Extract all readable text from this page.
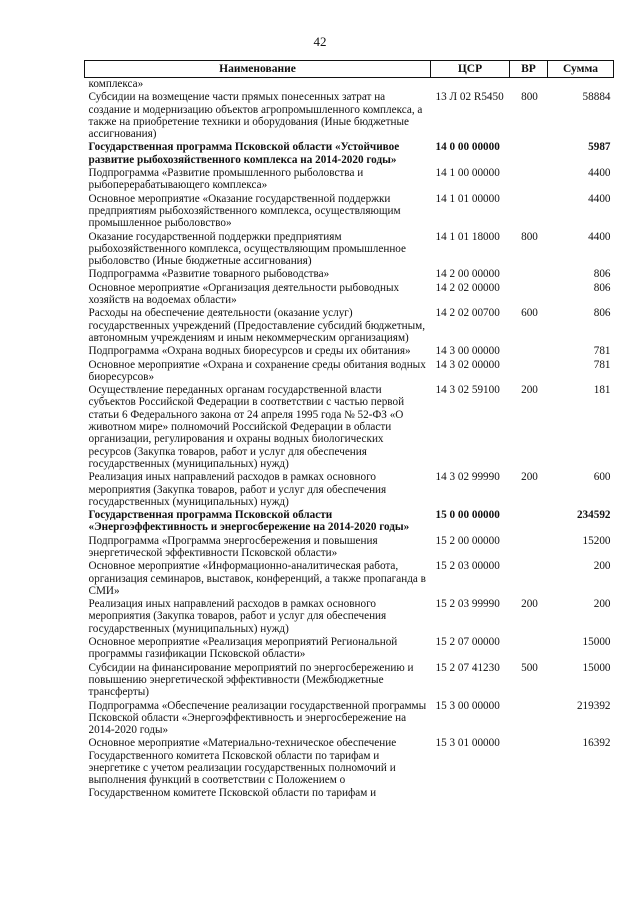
42
Наименование	ЦСР	ВР	Сумма
комплекса»			
Субсидии на возмещение части прямых понесенных затрат на создание и модернизацию объектов агропромышленного комплекса, а также на приобретение техники и оборудования (Иные бюджетные ассигнования)	13 Л 02 R5450	800	58884
Государственная программа Псковской области «Устойчивое развитие рыбохозяйственного комплекса на 2014-2020 годы»	14 0 00 00000		5987
Подпрограмма «Развитие промышленного рыболовства и рыбоперерабатывающего комплекса»	14 1 00 00000		4400
Основное мероприятие «Оказание государственной поддержки предприятиям рыбохозяйственного комплекса, осуществляющим промышленное рыболовство»	14 1 01 00000		4400
Оказание государственной поддержки предприятиям рыбохозяйственного комплекса, осуществляющим промышленное рыболовство (Иные бюджетные ассигнования)	14 1 01 18000	800	4400
Подпрограмма «Развитие товарного рыбоводства»	14 2 00 00000		806
Основное мероприятие «Организация деятельности рыбоводных хозяйств на водоемах области»	14 2 02 00000		806
Расходы на обеспечение деятельности (оказание услуг) государственных учреждений (Предоставление субсидий бюджетным, автономным учреждениям и иным некоммерческим организациям)	14 2 02 00700	600	806
Подпрограмма «Охрана водных биоресурсов и среды их обитания»	14 3 00 00000		781
Основное мероприятие «Охрана и сохранение среды обитания водных биоресурсов»	14 3 02 00000		781
Осуществление переданных органам государственной власти субъектов Российской Федерации в соответствии с частью первой статьи 6 Федерального закона от 24 апреля 1995 года № 52-ФЗ «О животном мире» полномочий Российской Федерации в области организации, регулирования и охраны водных биологических ресурсов (Закупка товаров, работ и услуг для обеспечения государственных (муниципальных) нужд)	14 3 02 59100	200	181
Реализация иных направлений расходов в рамках основного мероприятия (Закупка товаров, работ и услуг для обеспечения государственных (муниципальных) нужд)	14 3 02 99990	200	600
Государственная программа Псковской области «Энергоэффективность и энергосбережение на 2014-2020 годы»	15 0 00 00000		234592
Подпрограмма «Программа энергосбережения и повышения энергетической эффективности Псковской области»	15 2 00 00000		15200
Основное мероприятие «Информационно-аналитическая работа, организация семинаров, выставок, конференций, а также пропаганда в СМИ»	15 2 03 00000		200
Реализация иных направлений расходов в рамках основного мероприятия (Закупка товаров, работ и услуг для обеспечения государственных (муниципальных) нужд)	15 2 03 99990	200	200
Основное мероприятие «Реализация мероприятий Региональной программы газификации Псковской области»	15 2 07 00000		15000
Субсидии на финансирование мероприятий по энергосбережению и повышению энергетической эффективности (Межбюджетные трансферты)	15 2 07 41230	500	15000
Подпрограмма «Обеспечение реализации государственной программы Псковской области «Энергоэффективность и энергосбережение на 2014-2020 годы»	15 3 00 00000		219392
Основное мероприятие «Материально-техническое обеспечение Государственного комитета Псковской области по тарифам и энергетике с учетом реализации государственных полномочий и выполнения функций в соответствии с Положением о Государственном комитете Псковской области по тарифам и	15 3 01 00000		16392
